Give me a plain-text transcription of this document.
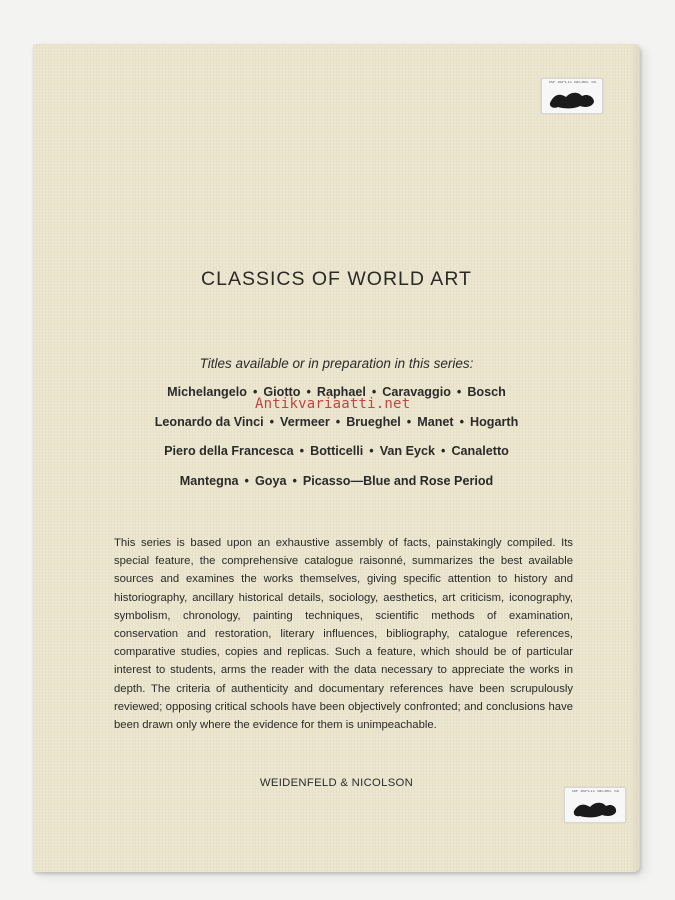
TAP DUPLIC BECHOL SS
CLASSICS OF WORLD ART
Titles available or in preparation in this series:
Michelangelo • Giotto • Raphael • Caravaggio • Bosch
Leonardo da Vinci • Vermeer • Brueghel • Manet • Hogarth
Piero della Francesca • Botticelli • Van Eyck • Canaletto
Mantegna • Goya • Picasso—Blue and Rose Period
Antikvariaatti.net
This series is based upon an exhaustive assembly of facts, painstakingly compiled. Its special feature, the comprehensive catalogue raisonné, summarizes the best available sources and examines the works themselves, giving specific attention to history and historiography, ancillary historical details, sociology, aesthetics, art criticism, iconography, symbolism, chronology, painting techniques, scientific methods of examination, conservation and restoration, literary influences, bibliography, catalogue references, comparative studies, copies and replicas. Such a feature, which should be of particular interest to students, arms the reader with the data necessary to appreciate the works in depth. The criteria of authenticity and documentary references have been scrupulously reviewed; opposing critical schools have been objectively confronted; and conclusions have been drawn only where the evidence for them is unimpeachable.
WEIDENFELD & NICOLSON
TAP DUPLIC BECHOL SS
